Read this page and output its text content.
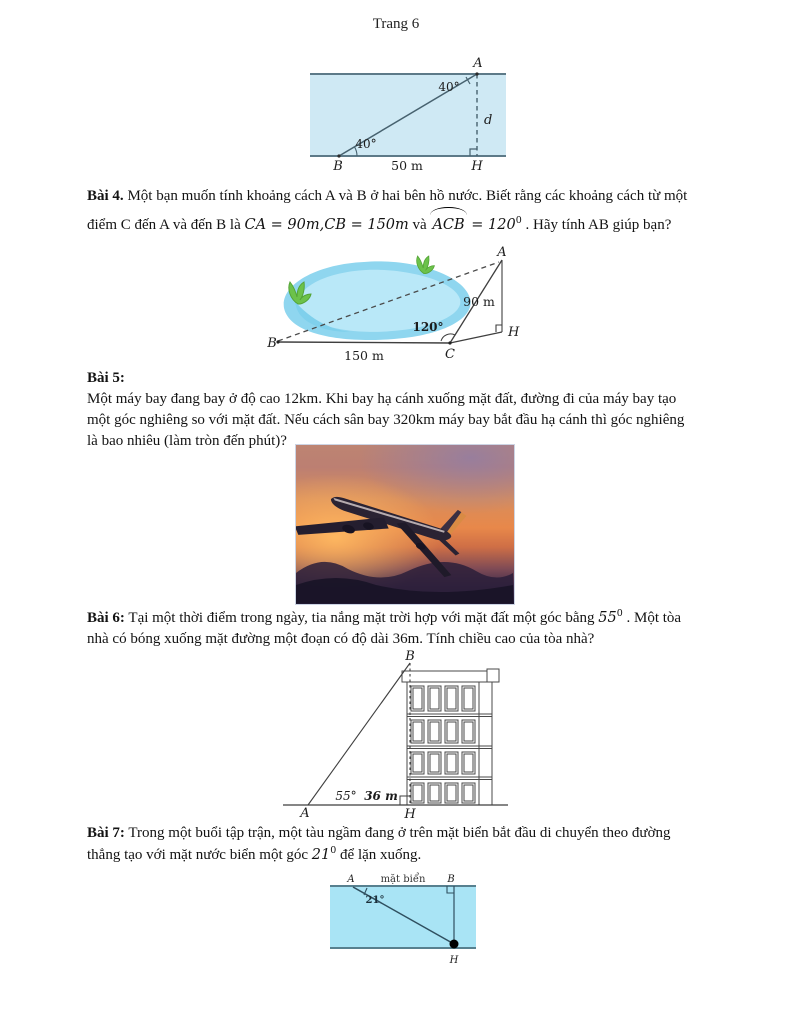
Trang 6
A
40°
40°
d
B	50 m	H
Bài 4. Một bạn muốn tính khoảng cách A và B ở hai bên hồ nước. Biết rằng các khoảng cách từ một
điểm C đến A và đến B là CA = 90m,CB = 150m và ACB = $120^0$ . Hãy tính AB giúp bạn?
A
B
C
H
120°
90 m
150 m
Bài 5:
Một máy bay đang bay ở độ cao 12km. Khi bay hạ cánh xuống mặt đất, đường đi của máy bay tạo
một góc nghiêng so với mặt đất. Nếu cách sân bay 320km máy bay bắt đầu hạ cánh thì góc nghiêng
là bao nhiêu (làm tròn đến phút)?
Bài 6: Tại một thời điểm trong ngày, tia nắng mặt trời hợp với mặt đất một góc bằng $55^0$ . Một tòa
nhà có bóng xuống mặt đường một đoạn có độ dài 36m. Tính chiều cao của tòa nhà?
B
A	H
55° 36 m
Bài 7: Trong một buổi tập trận, một tàu ngầm đang ở trên mặt biển bắt đầu di chuyển theo đường
thẳng tạo với mặt nước biển một góc $21^0$ để lặn xuống.
mặt biển
A	B
21°
H
